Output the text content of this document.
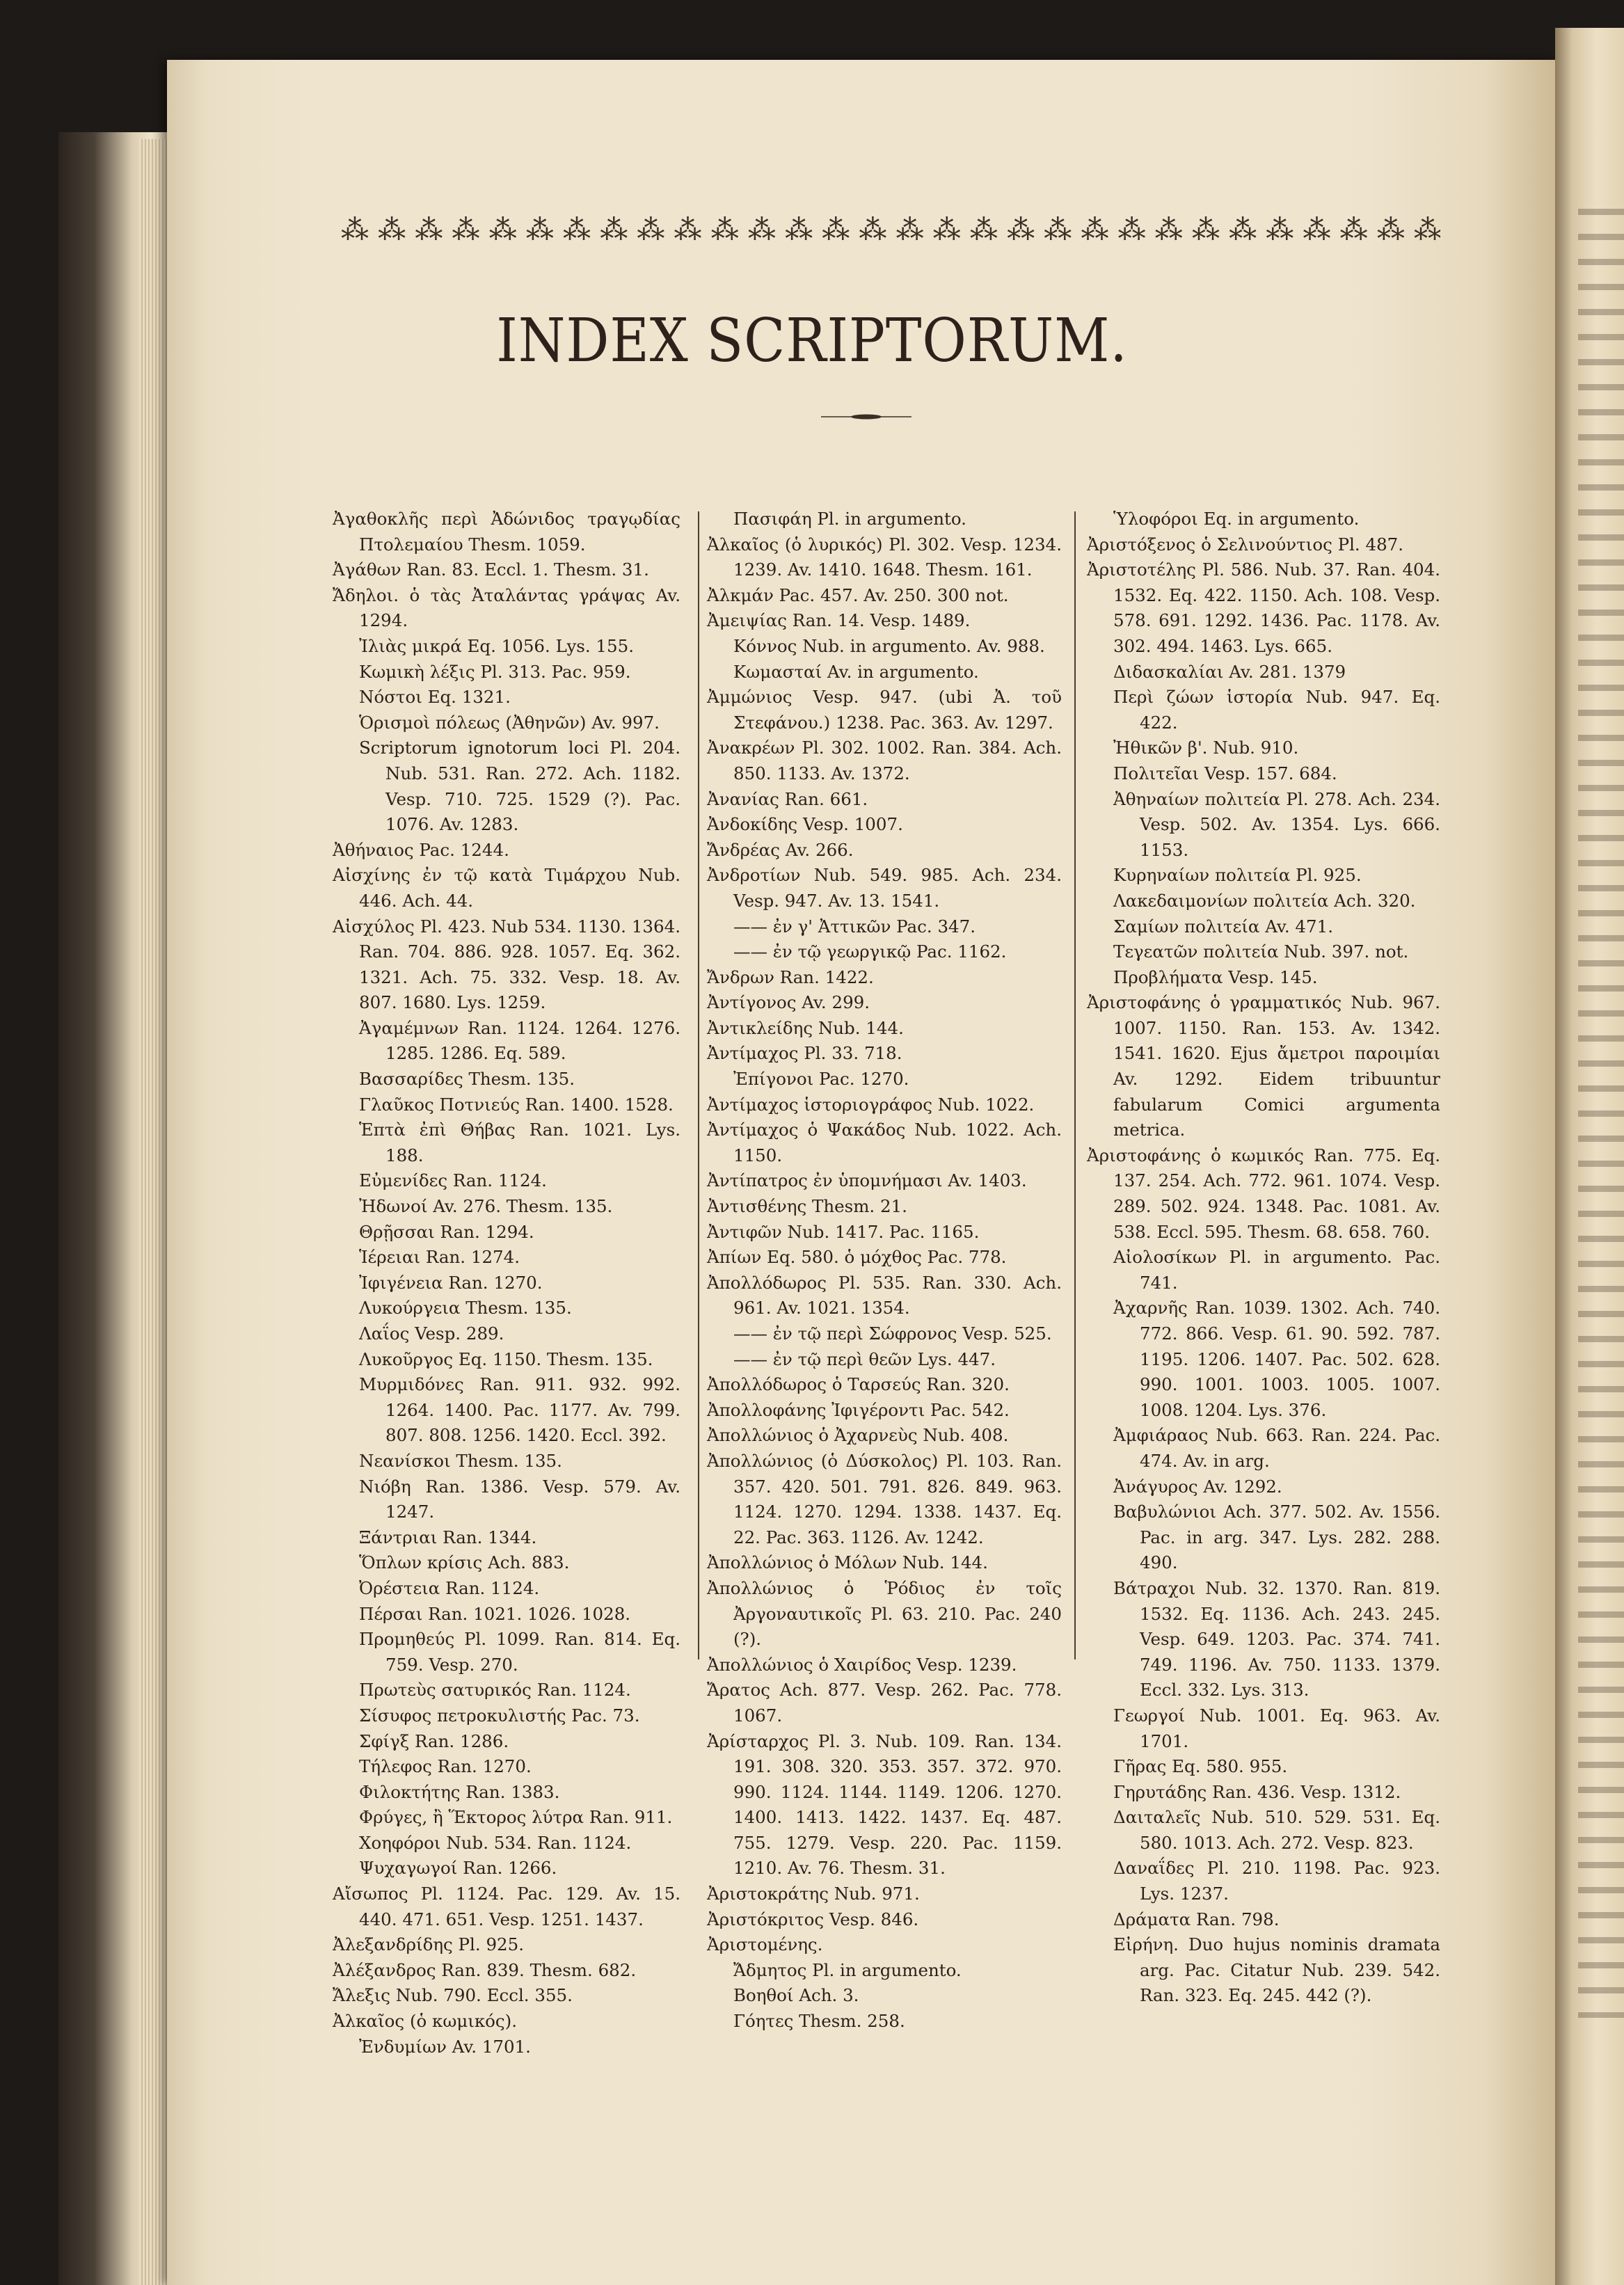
⁂ ⁂ ⁂ ⁂ ⁂ ⁂ ⁂ ⁂ ⁂ ⁂ ⁂ ⁂ ⁂ ⁂ ⁂ ⁂ ⁂ ⁂ ⁂ ⁂ ⁂ ⁂ ⁂ ⁂ ⁂ ⁂ ⁂ ⁂ ⁂ ⁂
INDEX SCRIPTORUM.
Ἀγαθοκλῆς περὶ Ἀδώνιδος τραγῳδίας Πτολεμαίου Thesm. 1059.
Ἀγάθων Ran. 83. Eccl. 1. Thesm. 31.
Ἄδηλοι. ὁ τὰς Ἀταλάντας γράψας Av. 1294.
Ἰλιὰς μικρά Eq. 1056. Lys. 155.
Κωμικὴ λέξις Pl. 313. Pac. 959.
Νόστοι Eq. 1321.
Ὁρισμοὶ πόλεως (Ἀθηνῶν) Av. 997.
Scriptorum ignotorum loci Pl. 204. Nub. 531. Ran. 272. Ach. 1182. Vesp. 710. 725. 1529 (?). Pac. 1076. Av. 1283.
Ἀθήναιος Pac. 1244.
Αἰσχίνης ἐν τῷ κατὰ Τιμάρχου Nub. 446. Ach. 44.
Αἰσχύλος Pl. 423. Nub 534. 1130. 1364. Ran. 704. 886. 928. 1057. Eq. 362. 1321. Ach. 75. 332. Vesp. 18. Av. 807. 1680. Lys. 1259.
Ἀγαμέμνων Ran. 1124. 1264. 1276. 1285. 1286. Eq. 589.
Βασσαρίδες Thesm. 135.
Γλαῦκος Ποτνιεύς Ran. 1400. 1528.
Ἑπτὰ ἐπὶ Θήβας Ran. 1021. Lys. 188.
Εὐμενίδες Ran. 1124.
Ἠδωνοί Av. 276. Thesm. 135.
Θρῇσσαι Ran. 1294.
Ἱέρειαι Ran. 1274.
Ἰφιγένεια Ran. 1270.
Λυκούργεια Thesm. 135.
Λαΐος Vesp. 289.
Λυκοῦργος Eq. 1150. Thesm. 135.
Μυρμιδόνες Ran. 911. 932. 992. 1264. 1400. Pac. 1177. Av. 799. 807. 808. 1256. 1420. Eccl. 392.
Νεανίσκοι Thesm. 135.
Νιόβη Ran. 1386. Vesp. 579. Av. 1247.
Ξάντριαι Ran. 1344.
Ὅπλων κρίσις Ach. 883.
Ὀρέστεια Ran. 1124.
Πέρσαι Ran. 1021. 1026. 1028.
Προμηθεύς Pl. 1099. Ran. 814. Eq. 759. Vesp. 270.
Πρωτεὺς σατυρικός Ran. 1124.
Σίσυφος πετροκυλιστής Pac. 73.
Σφίγξ Ran. 1286.
Τήλεφος Ran. 1270.
Φιλοκτήτης Ran. 1383.
Φρύγες, ἢ Ἕκτορος λύτρα Ran. 911.
Χοηφόροι Nub. 534. Ran. 1124.
Ψυχαγωγοί Ran. 1266.
Αἴσωπος Pl. 1124. Pac. 129. Av. 15. 440. 471. 651. Vesp. 1251. 1437.
Ἀλεξανδρίδης Pl. 925.
Ἀλέξανδρος Ran. 839. Thesm. 682.
Ἄλεξις Nub. 790. Eccl. 355.
Ἀλκαῖος (ὁ κωμικός).
Ἐνδυμίων Av. 1701.
Πασιφάη Pl. in argumento.
Ἀλκαῖος (ὁ λυρικός) Pl. 302. Vesp. 1234. 1239. Av. 1410. 1648. Thesm. 161.
Ἀλκμάν Pac. 457. Av. 250. 300 not.
Ἀμειψίας Ran. 14. Vesp. 1489.
Κόννος Nub. in argumento. Av. 988.
Κωμασταί Av. in argumento.
Ἀμμώνιος Vesp. 947. (ubi Ἀ. τοῦ Στεφάνου.) 1238. Pac. 363. Av. 1297.
Ἀνακρέων Pl. 302. 1002. Ran. 384. Ach. 850. 1133. Av. 1372.
Ἀνανίας Ran. 661.
Ἀνδοκίδης Vesp. 1007.
Ἄνδρέας Av. 266.
Ἀνδροτίων Nub. 549. 985. Ach. 234. Vesp. 947. Av. 13. 1541.
—— ἐν γ' Ἀττικῶν Pac. 347.
—— ἐν τῷ γεωργικῷ Pac. 1162.
Ἄνδρων Ran. 1422.
Ἀντίγονος Av. 299.
Ἀντικλείδης Nub. 144.
Ἀντίμαχος Pl. 33. 718.
Ἐπίγονοι Pac. 1270.
Ἀντίμαχος ἱστοριογράφος Nub. 1022.
Ἀντίμαχος ὁ Ψακάδος Nub. 1022. Ach. 1150.
Ἀντίπατρος ἐν ὑπομνήμασι Av. 1403.
Ἀντισθένης Thesm. 21.
Ἀντιφῶν Nub. 1417. Pac. 1165.
Ἀπίων Eq. 580. ὁ μόχθος Pac. 778.
Ἀπολλόδωρος Pl. 535. Ran. 330. Ach. 961. Av. 1021. 1354.
—— ἐν τῷ περὶ Σώφρονος Vesp. 525.
—— ἐν τῷ περὶ θεῶν Lys. 447.
Ἀπολλόδωρος ὁ Ταρσεύς Ran. 320.
Ἀπολλοφάνης Ἰφιγέροντι Pac. 542.
Ἀπολλώνιος ὁ Ἀχαρνεὺς Nub. 408.
Ἀπολλώνιος (ὁ Δύσκολος) Pl. 103. Ran. 357. 420. 501. 791. 826. 849. 963. 1124. 1270. 1294. 1338. 1437. Eq. 22. Pac. 363. 1126. Av. 1242.
Ἀπολλώνιος ὁ Μόλων Nub. 144.
Ἀπολλώνιος ὁ Ῥόδιος ἐν τοῖς Ἀργοναυτικοῖς Pl. 63. 210. Pac. 240 (?).
Ἀπολλώνιος ὁ Χαιρίδος Vesp. 1239.
Ἄρατος Ach. 877. Vesp. 262. Pac. 778. 1067.
Ἀρίσταρχος Pl. 3. Nub. 109. Ran. 134. 191. 308. 320. 353. 357. 372. 970. 990. 1124. 1144. 1149. 1206. 1270. 1400. 1413. 1422. 1437. Eq. 487. 755. 1279. Vesp. 220. Pac. 1159. 1210. Av. 76. Thesm. 31.
Ἀριστοκράτης Nub. 971.
Ἀριστόκριτος Vesp. 846.
Ἀριστομένης.
Ἄδμητος Pl. in argumento.
Βοηθοί Ach. 3.
Γόητες Thesm. 258.
Ὑλοφόροι Eq. in argumento.
Ἀριστόξενος ὁ Σελινούντιος Pl. 487.
Ἀριστοτέλης Pl. 586. Nub. 37. Ran. 404. 1532. Eq. 422. 1150. Ach. 108. Vesp. 578. 691. 1292. 1436. Pac. 1178. Av. 302. 494. 1463. Lys. 665.
Διδασκαλίαι Av. 281. 1379
Περὶ ζώων ἱστορία Nub. 947. Eq. 422.
Ἠθικῶν β'. Nub. 910.
Πολιτεῖαι Vesp. 157. 684.
Ἀθηναίων πολιτεία Pl. 278. Ach. 234. Vesp. 502. Av. 1354. Lys. 666. 1153.
Κυρηναίων πολιτεία Pl. 925.
Λακεδαιμονίων πολιτεία Ach. 320.
Σαμίων πολιτεία Av. 471.
Τεγεατῶν πολιτεία Nub. 397. not.
Προβλήματα Vesp. 145.
Ἀριστοφάνης ὁ γραμματικός Nub. 967. 1007. 1150. Ran. 153. Av. 1342. 1541. 1620. Ejus ἄμετροι παροιμίαι Av. 1292. Eidem tribuuntur fabularum Comici argumenta metrica.
Ἀριστοφάνης ὁ κωμικός Ran. 775. Eq. 137. 254. Ach. 772. 961. 1074. Vesp. 289. 502. 924. 1348. Pac. 1081. Av. 538. Eccl. 595. Thesm. 68. 658. 760.
Αἰολοσίκων Pl. in argumento. Pac. 741.
Ἀχαρνῆς Ran. 1039. 1302. Ach. 740. 772. 866. Vesp. 61. 90. 592. 787. 1195. 1206. 1407. Pac. 502. 628. 990. 1001. 1003. 1005. 1007. 1008. 1204. Lys. 376.
Ἀμφιάραος Nub. 663. Ran. 224. Pac. 474. Av. in arg.
Ἀνάγυρος Av. 1292.
Βαβυλώνιοι Ach. 377. 502. Av. 1556. Pac. in arg. 347. Lys. 282. 288. 490.
Βάτραχοι Nub. 32. 1370. Ran. 819. 1532. Eq. 1136. Ach. 243. 245. Vesp. 649. 1203. Pac. 374. 741. 749. 1196. Av. 750. 1133. 1379. Eccl. 332. Lys. 313.
Γεωργοί Nub. 1001. Eq. 963. Av. 1701.
Γῆρας Eq. 580. 955.
Γηρυτάδης Ran. 436. Vesp. 1312.
Δαιταλεῖς Nub. 510. 529. 531. Eq. 580. 1013. Ach. 272. Vesp. 823.
Δαναΐδες Pl. 210. 1198. Pac. 923. Lys. 1237.
Δράματα Ran. 798.
Εἰρήνη. Duo hujus nominis dramata arg. Pac. Citatur Nub. 239. 542. Ran. 323. Eq. 245. 442 (?).
